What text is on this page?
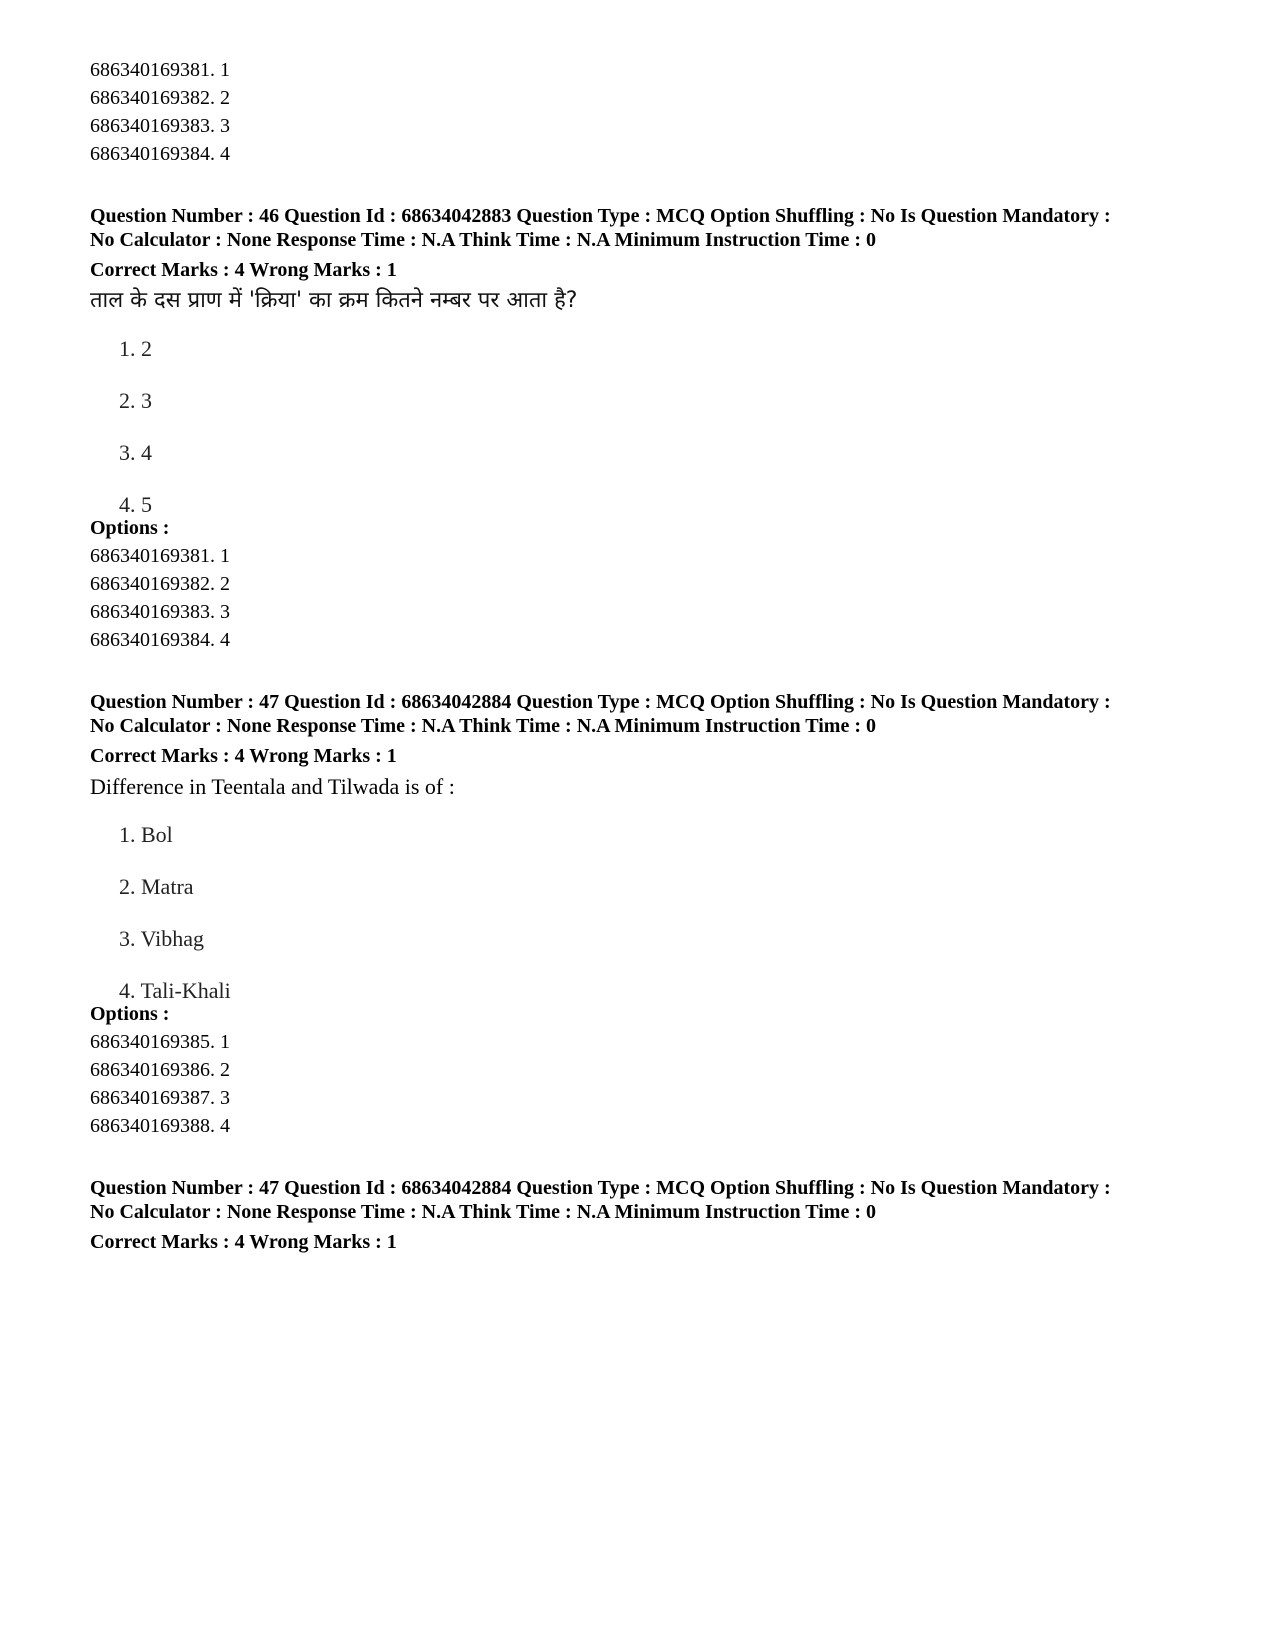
686340169381. 1
686340169382. 2
686340169383. 3
686340169384. 4
Question Number : 46 Question Id : 68634042883 Question Type : MCQ Option Shuffling : No Is Question Mandatory :
No Calculator : None Response Time : N.A Think Time : N.A Minimum Instruction Time : 0
Correct Marks : 4 Wrong Marks : 1
ताल के दस प्राण में 'क्रिया' का क्रम कितने नम्बर पर आता है?
1. 2
2. 3
3. 4
4. 5
Options :
686340169381. 1
686340169382. 2
686340169383. 3
686340169384. 4
Question Number : 47 Question Id : 68634042884 Question Type : MCQ Option Shuffling : No Is Question Mandatory :
No Calculator : None Response Time : N.A Think Time : N.A Minimum Instruction Time : 0
Correct Marks : 4 Wrong Marks : 1
Difference in Teentala and Tilwada is of :
1. Bol
2. Matra
3. Vibhag
4. Tali-Khali
Options :
686340169385. 1
686340169386. 2
686340169387. 3
686340169388. 4
Question Number : 47 Question Id : 68634042884 Question Type : MCQ Option Shuffling : No Is Question Mandatory :
No Calculator : None Response Time : N.A Think Time : N.A Minimum Instruction Time : 0
Correct Marks : 4 Wrong Marks : 1
